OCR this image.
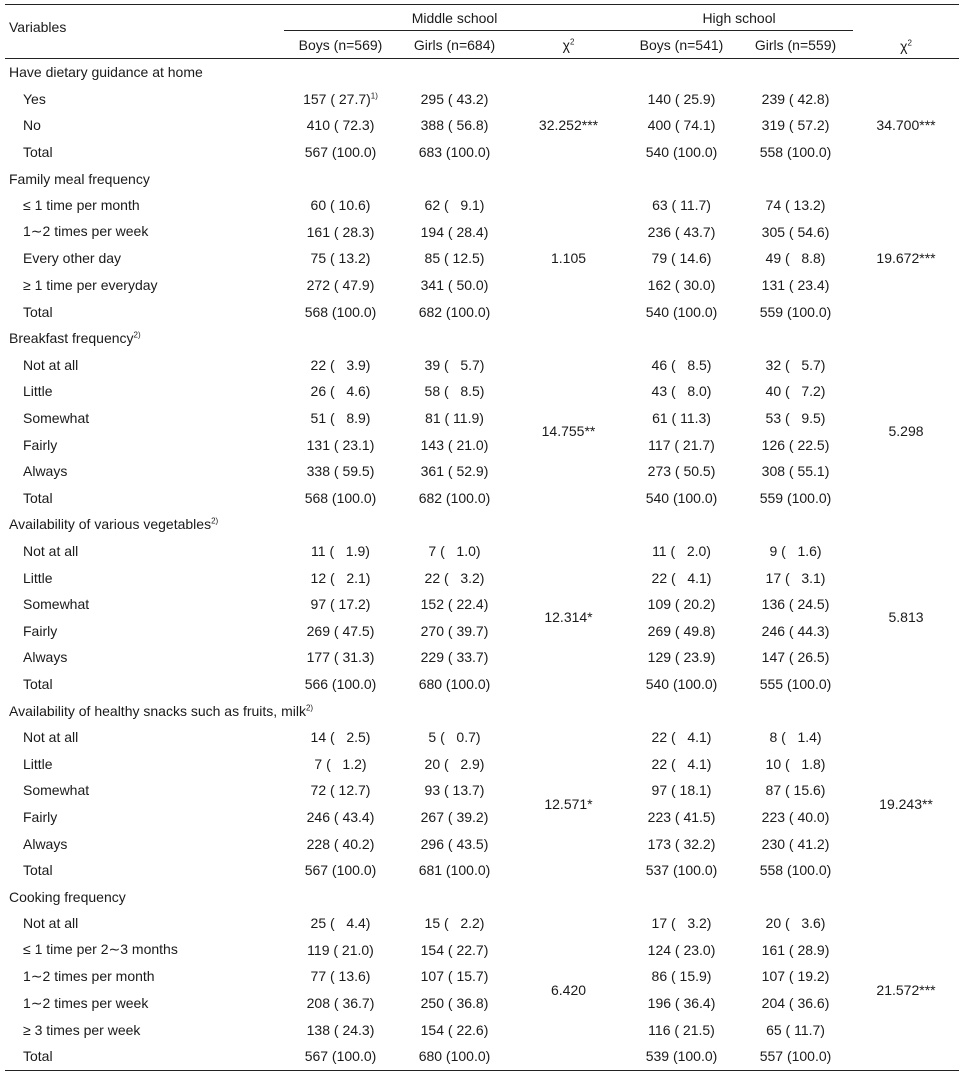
Variables	Middle school			High school		$\chi^2$
	Boys (n=569)	Girls (n=684)	$\chi^2$	Boys (n=541)	Girls (n=559)	
Have dietary guidance at home						
Yes	157 ( 27.7)$^{1)}$	295 ( 43.2)	32.252***	140 ( 25.9)	239 ( 42.8)	34.700***
No	410 ( 72.3)	388 ( 56.8)		400 ( 74.1)	319 ( 57.2)	
Total	567 (100.0)	683 (100.0)		540 (100.0)	558 (100.0)	
Family meal frequency						
≤ 1 time per month	60 ( 10.6)	62 (   9.1)	1.105	63 ( 11.7)	74 ( 13.2)	19.672***
1∼2 times per week	161 ( 28.3)	194 ( 28.4)		236 ( 43.7)	305 ( 54.6)	
Every other day	75 ( 13.2)	85 ( 12.5)		79 ( 14.6)	49 (   8.8)	
≥ 1 time per everyday	272 ( 47.9)	341 ( 50.0)		162 ( 30.0)	131 ( 23.4)	
Total	568 (100.0)	682 (100.0)		540 (100.0)	559 (100.0)	
Breakfast frequency$^{2)}$
Not at all	22 (   3.9)	39 (   5.7)	14.755**	46 (   8.5)	32 (   5.7)	5.298
Little	26 (   4.6)	58 (   8.5)		43 (   8.0)	40 (   7.2)	
Somewhat	51 (   8.9)	81 ( 11.9)		61 ( 11.3)	53 (   9.5)	
Fairly	131 ( 23.1)	143 ( 21.0)		117 ( 21.7)	126 ( 22.5)	
Always	338 ( 59.5)	361 ( 52.9)		273 ( 50.5)	308 ( 55.1)	
Total	568 (100.0)	682 (100.0)		540 (100.0)	559 (100.0)	
Availability of various vegetables$^{2)}$
Not at all	11 (   1.9)	7 (   1.0)	12.314*	11 (   2.0)	9 (   1.6)	5.813
Little	12 (   2.1)	22 (   3.2)		22 (   4.1)	17 (   3.1)	
Somewhat	97 ( 17.2)	152 ( 22.4)		109 ( 20.2)	136 ( 24.5)	
Fairly	269 ( 47.5)	270 ( 39.7)		269 ( 49.8)	246 ( 44.3)	
Always	177 ( 31.3)	229 ( 33.7)		129 ( 23.9)	147 ( 26.5)	
Total	566 (100.0)	680 (100.0)		540 (100.0)	555 (100.0)	
Availability of healthy snacks such as fruits, milk$^{2)}$
Not at all	14 (   2.5)	5 (   0.7)	12.571*	22 (   4.1)	8 (   1.4)	19.243**
Little	7 (   1.2)	20 (   2.9)		22 (   4.1)	10 (   1.8)	
Somewhat	72 ( 12.7)	93 ( 13.7)		97 ( 18.1)	87 ( 15.6)	
Fairly	246 ( 43.4)	267 ( 39.2)		223 ( 41.5)	223 ( 40.0)	
Always	228 ( 40.2)	296 ( 43.5)		173 ( 32.2)	230 ( 41.2)	
Total	567 (100.0)	681 (100.0)		537 (100.0)	558 (100.0)	
Cooking frequency						
Not at all	25 (   4.4)	15 (   2.2)	6.420	17 (   3.2)	20 (   3.6)	21.572***
≤ 1 time per 2∼3 months	119 ( 21.0)	154 ( 22.7)		124 ( 23.0)	161 ( 28.9)	
1∼2 times per month	77 ( 13.6)	107 ( 15.7)		86 ( 15.9)	107 ( 19.2)	
1∼2 times per week	208 ( 36.7)	250 ( 36.8)		196 ( 36.4)	204 ( 36.6)	
≥ 3 times per week	138 ( 24.3)	154 ( 22.6)		116 ( 21.5)	65 ( 11.7)	
Total	567 (100.0)	680 (100.0)		539 (100.0)	557 (100.0)	
